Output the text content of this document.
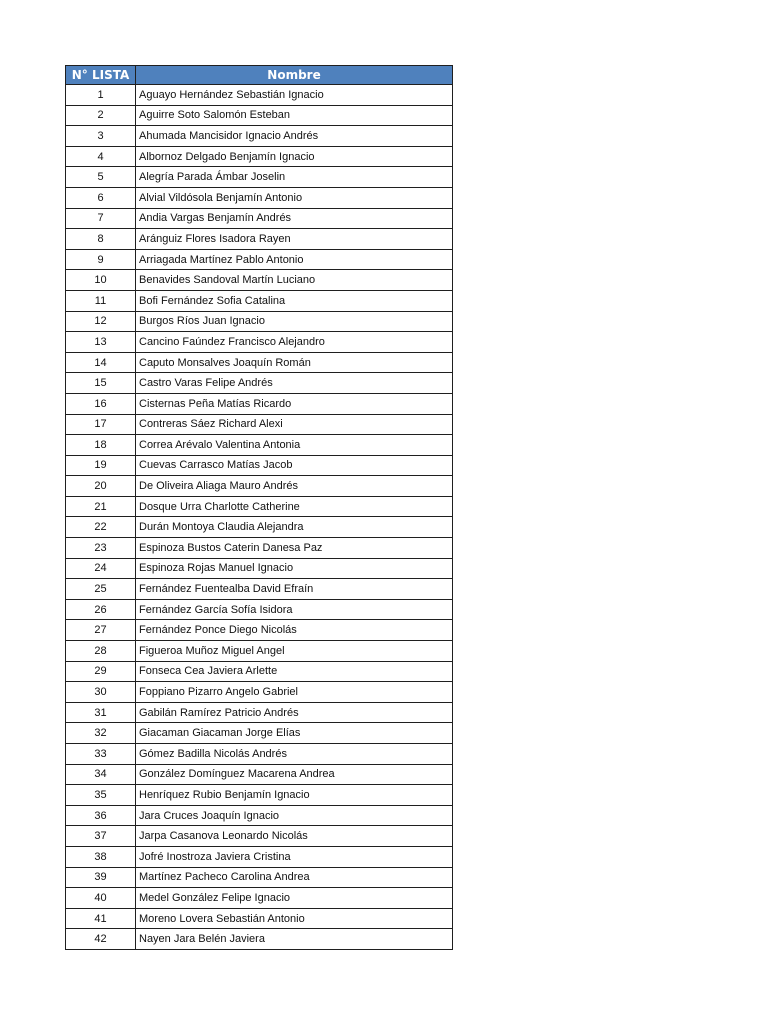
N° LISTA	Nombre
1	Aguayo Hernández Sebastián Ignacio
2	Aguirre Soto Salomón Esteban
3	Ahumada Mancisidor Ignacio Andrés
4	Albornoz Delgado Benjamín Ignacio
5	Alegría Parada Ámbar Joselin
6	Alvial Vildósola Benjamín Antonio
7	Andia Vargas Benjamín Andrés
8	Aránguiz Flores Isadora Rayen
9	Arriagada Martínez Pablo Antonio
10	Benavides Sandoval Martín Luciano
11	Bofi Fernández Sofia Catalina
12	Burgos Ríos Juan Ignacio
13	Cancino Faúndez Francisco Alejandro
14	Caputo Monsalves Joaquín Román
15	Castro Varas Felipe Andrés
16	Cisternas Peña Matías Ricardo
17	Contreras Sáez Richard Alexi
18	Correa Arévalo Valentina Antonia
19	Cuevas Carrasco Matías Jacob
20	De Oliveira Aliaga Mauro Andrés
21	Dosque Urra Charlotte Catherine
22	Durán Montoya Claudia Alejandra
23	Espinoza Bustos Caterin Danesa Paz
24	Espinoza Rojas Manuel Ignacio
25	Fernández Fuentealba David Efraín
26	Fernández García Sofía Isidora
27	Fernández Ponce Diego Nicolás
28	Figueroa Muñoz Miguel Angel
29	Fonseca Cea Javiera Arlette
30	Foppiano Pizarro Angelo Gabriel
31	Gabilán Ramírez Patricio Andrés
32	Giacaman Giacaman Jorge Elías
33	Gómez Badilla Nicolás Andrés
34	González Domínguez Macarena Andrea
35	Henríquez Rubio Benjamín Ignacio
36	Jara Cruces Joaquín Ignacio
37	Jarpa Casanova Leonardo Nicolás
38	Jofré Inostroza Javiera Cristina
39	Martínez Pacheco Carolina Andrea
40	Medel González Felipe Ignacio
41	Moreno Lovera Sebastián Antonio
42	Nayen Jara Belén Javiera
